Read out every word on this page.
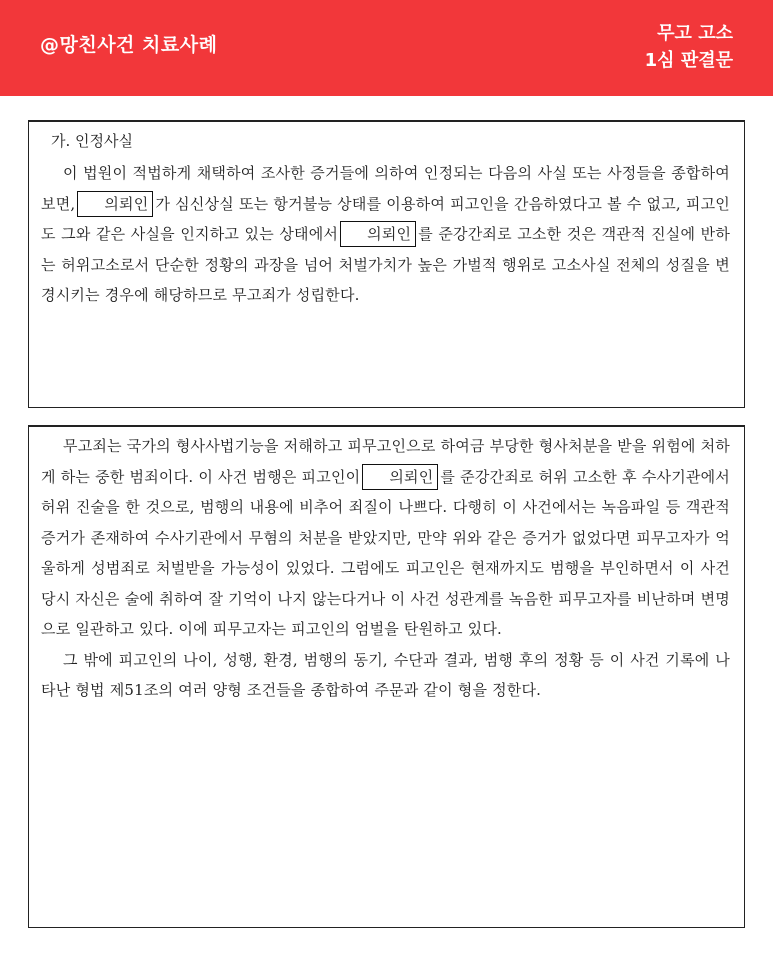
@망친사건 치료사례
무고 고소
1심 판결문
가. 인정사실

이 법원이 적법하게 채택하여 조사한 증거들에 의하여 인정되는 다음의 사실 또는 사정들을 종합하여 보면, 의뢰인 가 심신상실 또는 항거불능 상태를 이용하여 피고인을 간음하였다고 볼 수 없고, 피고인도 그와 같은 사실을 인지하고 있는 상태에서 의뢰인 를 준강간죄로 고소한 것은 객관적 진실에 반하는 허위고소로서 단순한 정황의 과장을 넘어 처벌가치가 높은 가벌적 행위로 고소사실 전체의 성질을 변경시키는 경우에 해당하므로 무고죄가 성립한다.

무고죄는 국가의 형사사법기능을 저해하고 피무고인으로 하여금 부당한 형사처분을 받을 위험에 처하게 하는 중한 범죄이다. 이 사건 범행은 피고인이 의뢰인 를 준강간죄로 허위 고소한 후 수사기관에서 허위 진술을 한 것으로, 범행의 내용에 비추어 죄질이 나쁘다. 다행히 이 사건에서는 녹음파일 등 객관적 증거가 존재하여 수사기관에서 무혐의 처분을 받았지만, 만약 위와 같은 증거가 없었다면 피무고자가 억울하게 성범죄로 처벌받을 가능성이 있었다. 그럼에도 피고인은 현재까지도 범행을 부인하면서 이 사건 당시 자신은 술에 취하여 잘 기억이 나지 않는다거나 이 사건 성관계를 녹음한 피무고자를 비난하며 변명으로 일관하고 있다. 이에 피무고자는 피고인의 엄벌을 탄원하고 있다.

그 밖에 피고인의 나이, 성행, 환경, 범행의 동기, 수단과 결과, 범행 후의 정황 등 이 사건 기록에 나타난 형법 제51조의 여러 양형 조건들을 종합하여 주문과 같이 형을 정한다.
